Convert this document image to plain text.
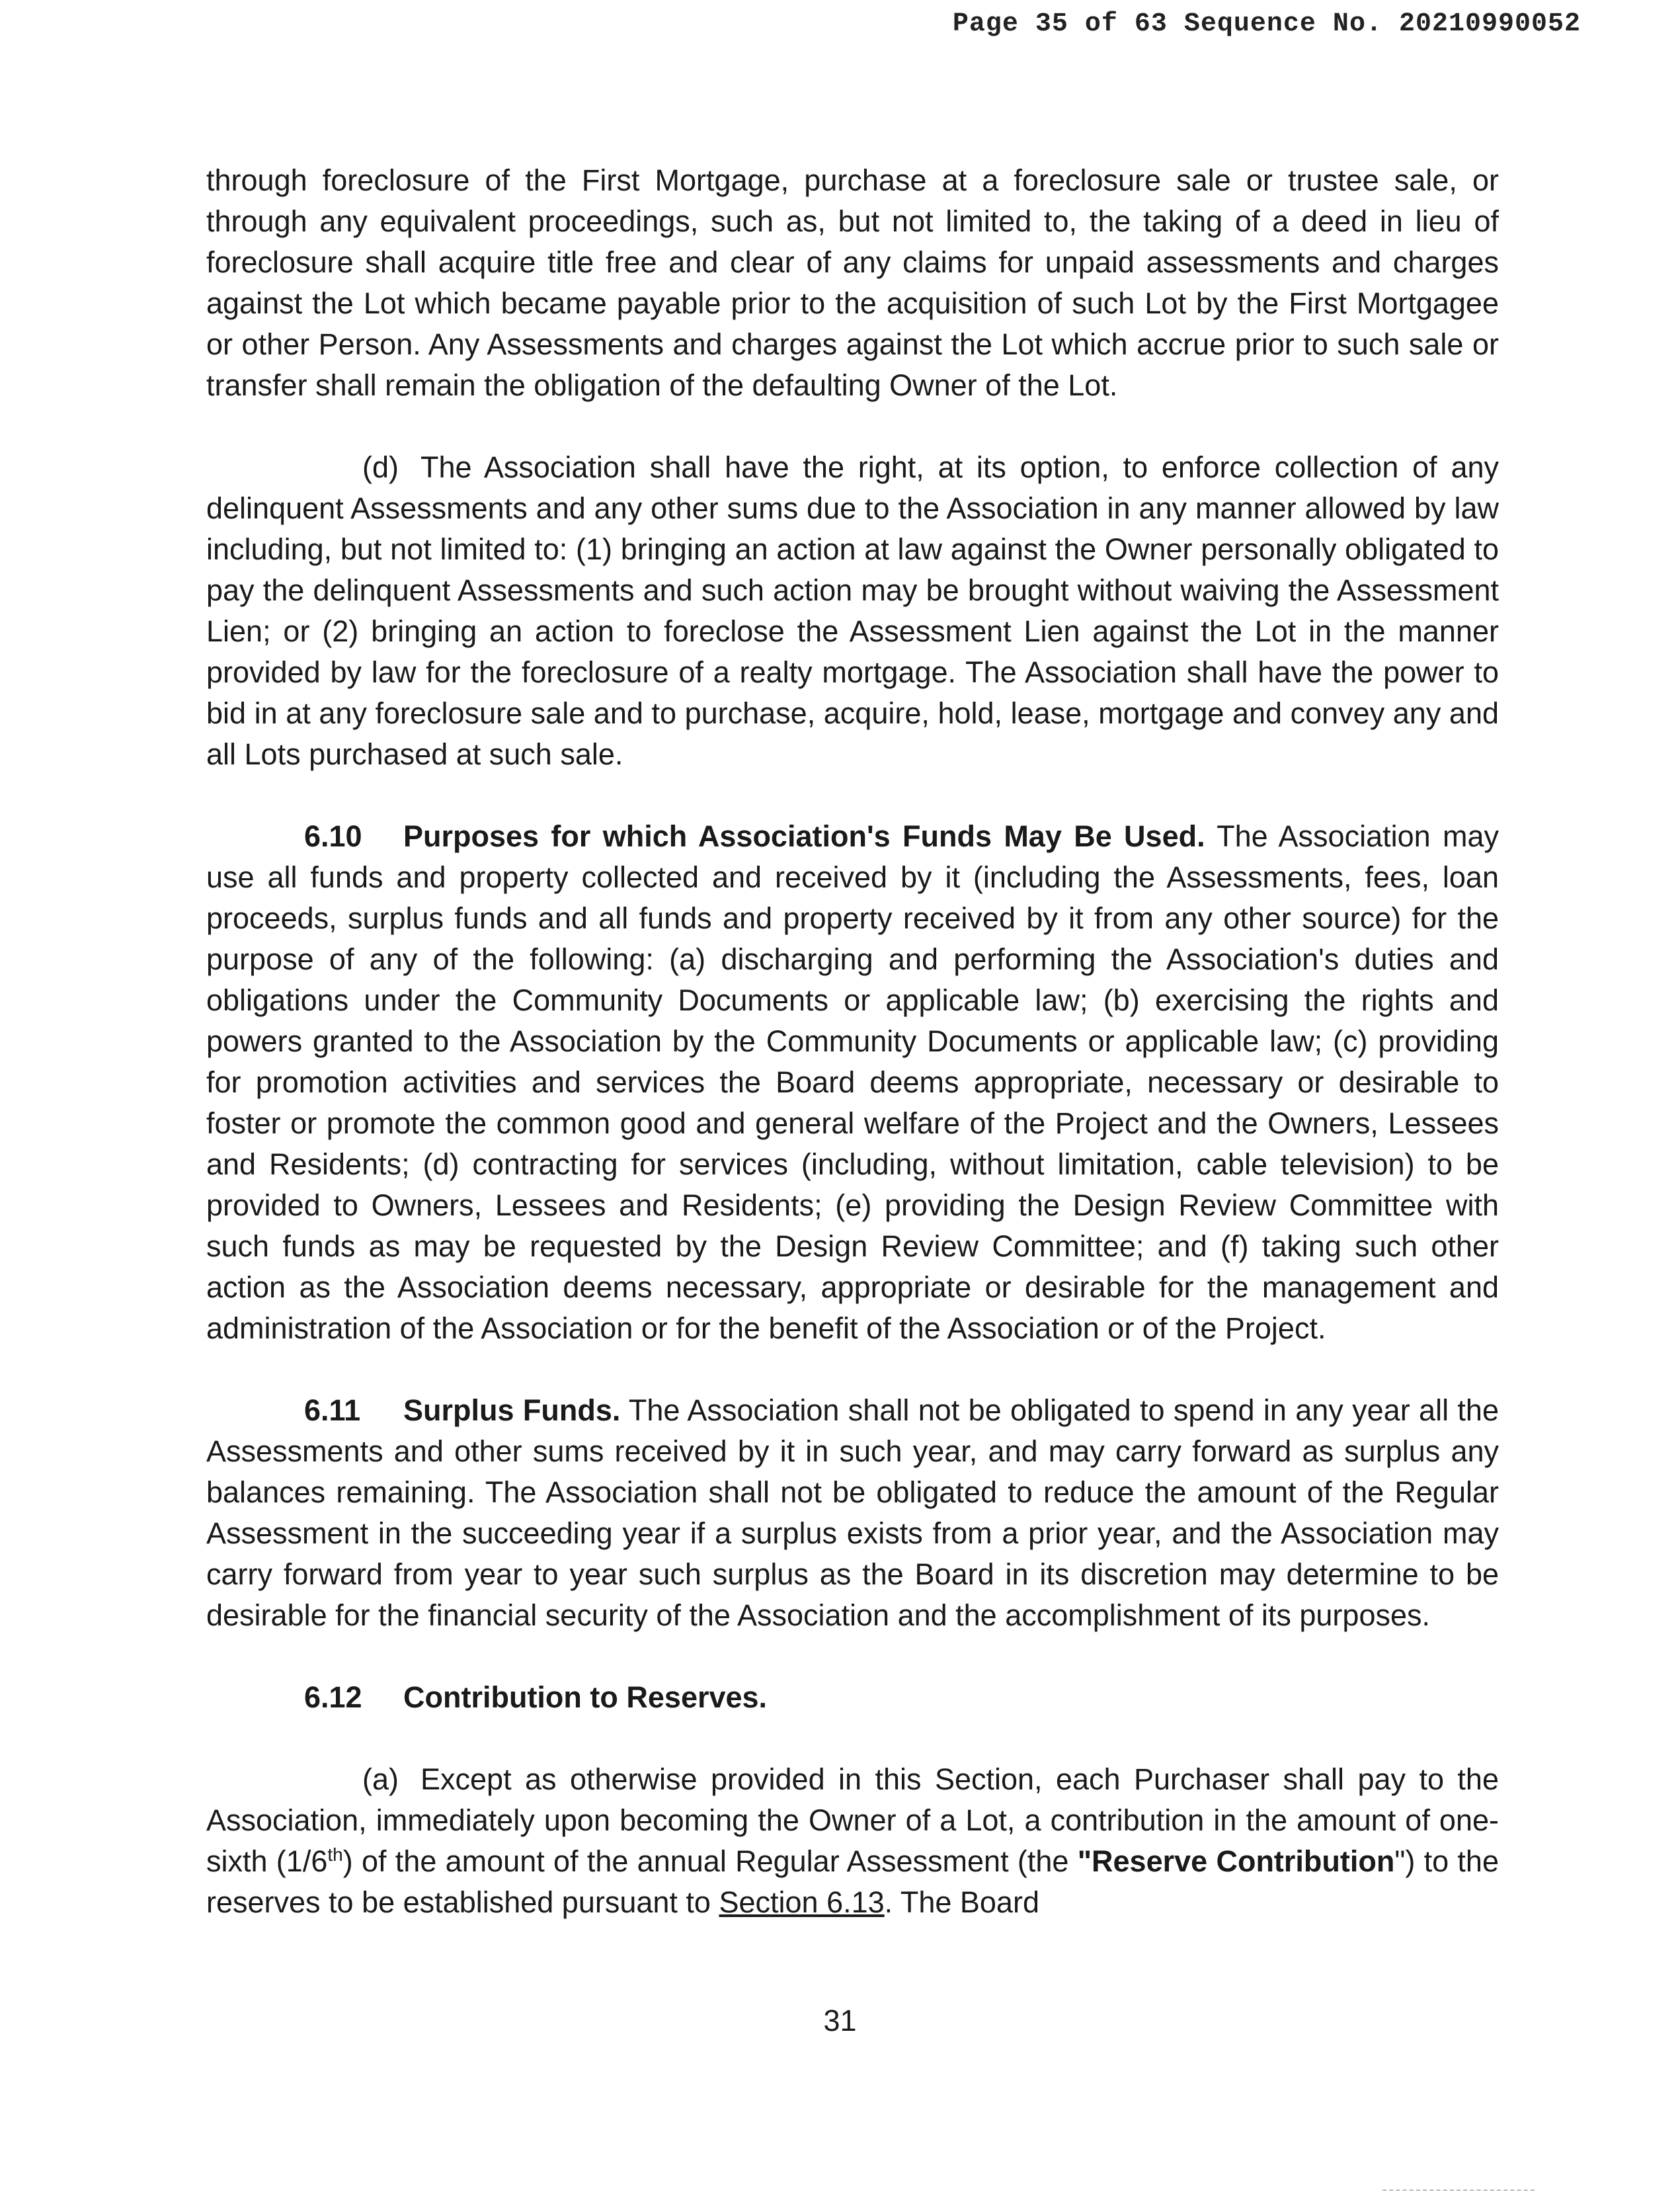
Page 35 of 63 Sequence No. 20210990052

through foreclosure of the First Mortgage, purchase at a foreclosure sale or trustee sale, or through any equivalent proceedings, such as, but not limited to, the taking of a deed in lieu of foreclosure shall acquire title free and clear of any claims for unpaid assessments and charges against the Lot which became payable prior to the acquisition of such Lot by the First Mortgagee or other Person. Any Assessments and charges against the Lot which accrue prior to such sale or transfer shall remain the obligation of the defaulting Owner of the Lot.

(d) The Association shall have the right, at its option, to enforce collection of any delinquent Assessments and any other sums due to the Association in any manner allowed by law including, but not limited to: (1) bringing an action at law against the Owner personally obligated to pay the delinquent Assessments and such action may be brought without waiving the Assessment Lien; or (2) bringing an action to foreclose the Assessment Lien against the Lot in the manner provided by law for the foreclosure of a realty mortgage. The Association shall have the power to bid in at any foreclosure sale and to purchase, acquire, hold, lease, mortgage and convey any and all Lots purchased at such sale.

6.10 Purposes for which Association's Funds May Be Used. The Association may use all funds and property collected and received by it (including the Assessments, fees, loan proceeds, surplus funds and all funds and property received by it from any other source) for the purpose of any of the following: (a) discharging and performing the Association's duties and obligations under the Community Documents or applicable law; (b) exercising the rights and powers granted to the Association by the Community Documents or applicable law; (c) providing for promotion activities and services the Board deems appropriate, necessary or desirable to foster or promote the common good and general welfare of the Project and the Owners, Lessees and Residents; (d) contracting for services (including, without limitation, cable television) to be provided to Owners, Lessees and Residents; (e) providing the Design Review Committee with such funds as may be requested by the Design Review Committee; and (f) taking such other action as the Association deems necessary, appropriate or desirable for the management and administration of the Association or for the benefit of the Association or of the Project.

6.11 Surplus Funds. The Association shall not be obligated to spend in any year all the Assessments and other sums received by it in such year, and may carry forward as surplus any balances remaining. The Association shall not be obligated to reduce the amount of the Regular Assessment in the succeeding year if a surplus exists from a prior year, and the Association may carry forward from year to year such surplus as the Board in its discretion may determine to be desirable for the financial security of the Association and the accomplishment of its purposes.

6.12 Contribution to Reserves.

(a) Except as otherwise provided in this Section, each Purchaser shall pay to the Association, immediately upon becoming the Owner of a Lot, a contribution in the amount of one-sixth (1/6th) of the amount of the annual Regular Assessment (the "Reserve Contribution") to the reserves to be established pursuant to Section 6.13. The Board

31
